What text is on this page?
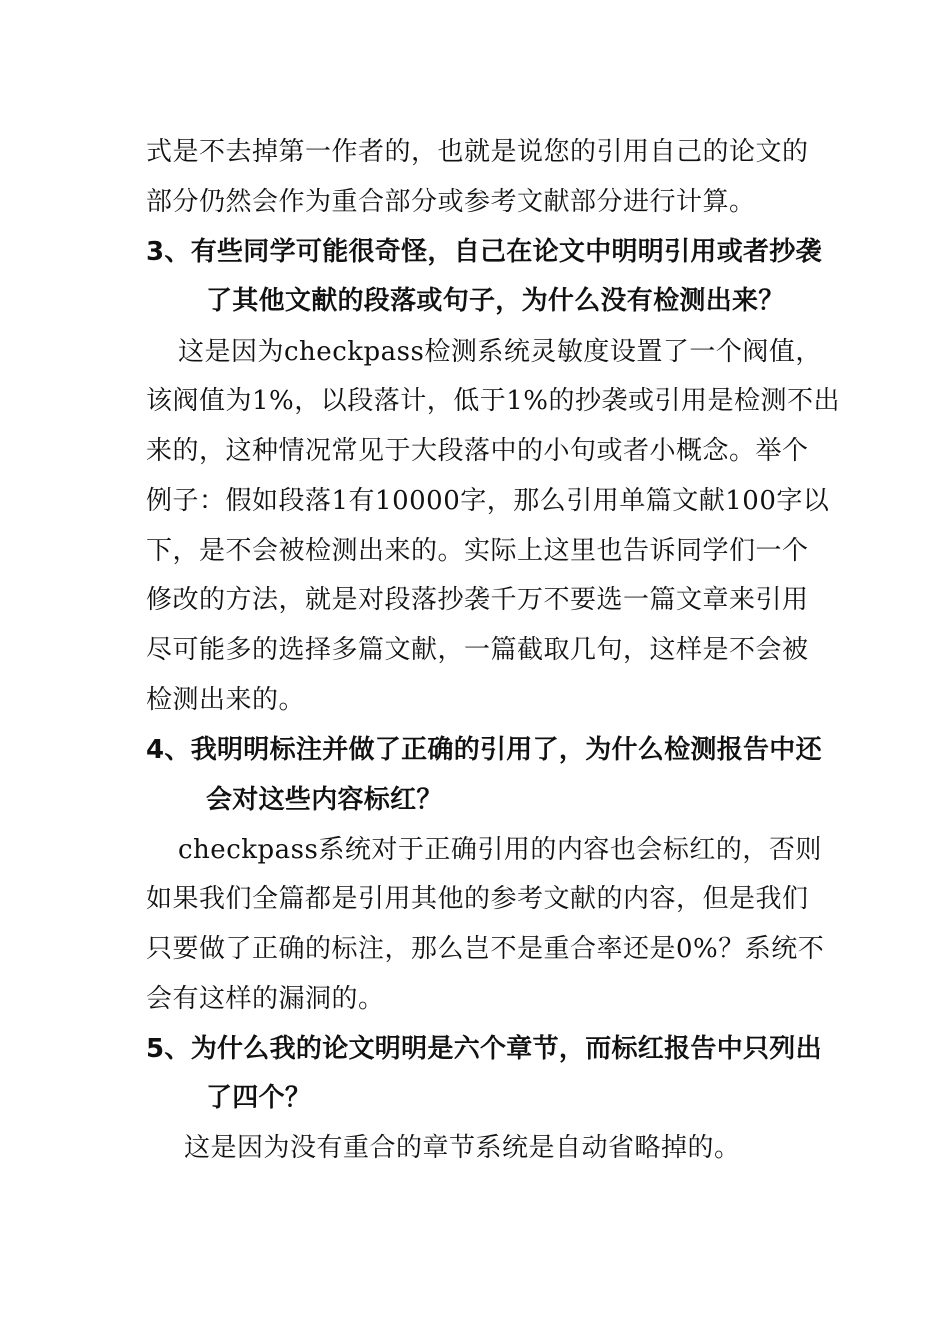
式是不去掉第一作者的，也就是说您的引用自己的论文的
部分仍然会作为重合部分或参考文献部分进行计算。
3、有些同学可能很奇怪，自己在论文中明明引用或者抄袭
了其他文献的段落或句子，为什么没有检测出来？
这是因为checkpass检测系统灵敏度设置了一个阀值，
该阀值为1%，以段落计，低于1%的抄袭或引用是检测不出
来的，这种情况常见于大段落中的小句或者小概念。举个
例子：假如段落1有10000字，那么引用单篇文献100字以
下，是不会被检测出来的。实际上这里也告诉同学们一个
修改的方法，就是对段落抄袭千万不要选一篇文章来引用
尽可能多的选择多篇文献，一篇截取几句，这样是不会被
检测出来的。
4、我明明标注并做了正确的引用了，为什么检测报告中还
会对这些内容标红？
checkpass系统对于正确引用的内容也会标红的，否则
如果我们全篇都是引用其他的参考文献的内容，但是我们
只要做了正确的标注，那么岂不是重合率还是0%？系统不
会有这样的漏洞的。
5、为什么我的论文明明是六个章节，而标红报告中只列出
了四个？
这是因为没有重合的章节系统是自动省略掉的。
